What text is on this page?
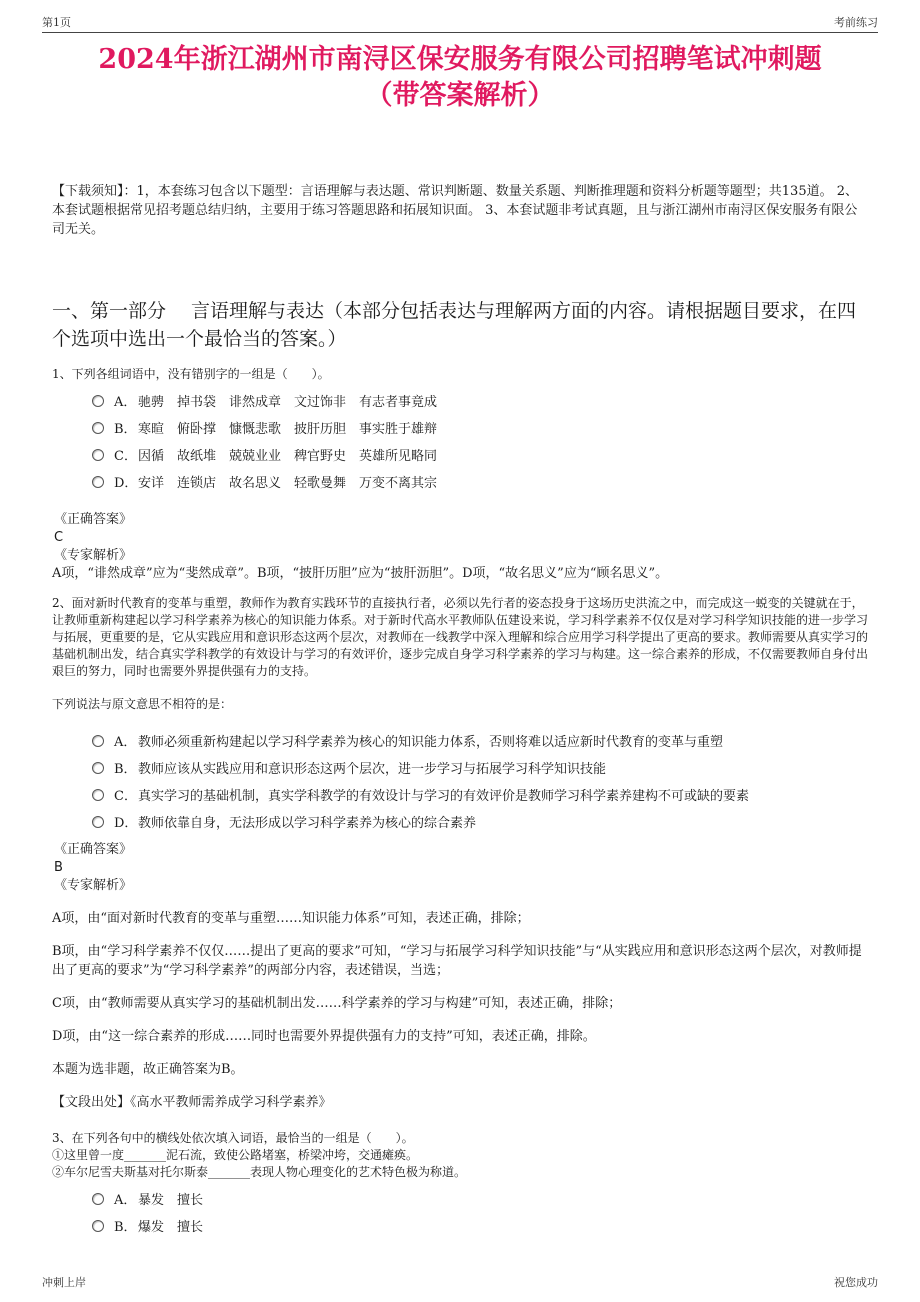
第1页	考前练习
2024年浙江湖州市南浔区保安服务有限公司招聘笔试冲刺题
（带答案解析）
【下载须知】：1，本套练习包含以下题型：言语理解与表达题、常识判断题、数量关系题、判断推理题和资料分析题等题型；共135道。 2、本套试题根据常见招考题总结归纳，主要用于练习答题思路和拓展知识面。 3、本套试题非考试真题，且与浙江湖州市南浔区保安服务有限公司无关。
一、第一部分　 言语理解与表达（本部分包括表达与理解两方面的内容。请根据题目要求，在四个选项中选出一个最恰当的答案。）
1、下列各组词语中，没有错别字的一组是（　　）。
A． 驰骋　掉书袋　诽然成章　文过饰非　有志者事竟成
B． 寒暄　俯卧撑　慷慨悲歌　披肝历胆　事实胜于雄辩
C． 因循　故纸堆　兢兢业业　稗官野史　英雄所见略同
D． 安详　连锁店　故名思义　轻歌曼舞　万变不离其宗
《正确答案》
C
《专家解析》
A项，“诽然成章”应为“斐然成章”。B项，“披肝历胆”应为“披肝沥胆”。D项，“故名思义”应为“顾名思义”。
2、面对新时代教育的变革与重塑，教师作为教育实践环节的直接执行者，必须以先行者的姿态投身于这场历史洪流之中，而完成这一蜕变的关键就在于，让教师重新构建起以学习科学素养为核心的知识能力体系。对于新时代高水平教师队伍建设来说，学习科学素养不仅仅是对学习科学知识技能的进一步学习与拓展，更重要的是，它从实践应用和意识形态这两个层次，对教师在一线教学中深入理解和综合应用学习科学提出了更高的要求。教师需要从真实学习的基础机制出发，结合真实学科教学的有效设计与学习的有效评价，逐步完成自身学习科学素养的学习与构建。这一综合素养的形成，不仅需要教师自身付出艰巨的努力，同时也需要外界提供强有力的支持。
下列说法与原文意思不相符的是：
A． 教师必须重新构建起以学习科学素养为核心的知识能力体系，否则将难以适应新时代教育的变革与重塑
B． 教师应该从实践应用和意识形态这两个层次，进一步学习与拓展学习科学知识技能
C． 真实学习的基础机制，真实学科教学的有效设计与学习的有效评价是教师学习科学素养建构不可或缺的要素
D． 教师依靠自身，无法形成以学习科学素养为核心的综合素养
《正确答案》
B
《专家解析》
A项，由“面对新时代教育的变革与重塑……知识能力体系”可知，表述正确，排除；
B项，由“学习科学素养不仅仅……提出了更高的要求”可知，“学习与拓展学习科学知识技能”与“从实践应用和意识形态这两个层次，对教师提出了更高的要求”为“学习科学素养”的两部分内容，表述错误，当选；
C项，由“教师需要从真实学习的基础机制出发……科学素养的学习与构建”可知，表述正确，排除；
D项，由“这一综合素养的形成……同时也需要外界提供强有力的支持”可知，表述正确，排除。
本题为选非题，故正确答案为B。
【文段出处】《高水平教师需养成学习科学素养》
3、在下列各句中的横线处依次填入词语，最恰当的一组是（　　）。
①这里曾一度_______泥石流，致使公路堵塞，桥梁冲垮，交通瘫痪。
②车尔尼雪夫斯基对托尔斯泰_______表现人物心理变化的艺术特色极为称道。
A． 暴发　擅长
B． 爆发　擅长
冲刺上岸	祝您成功
